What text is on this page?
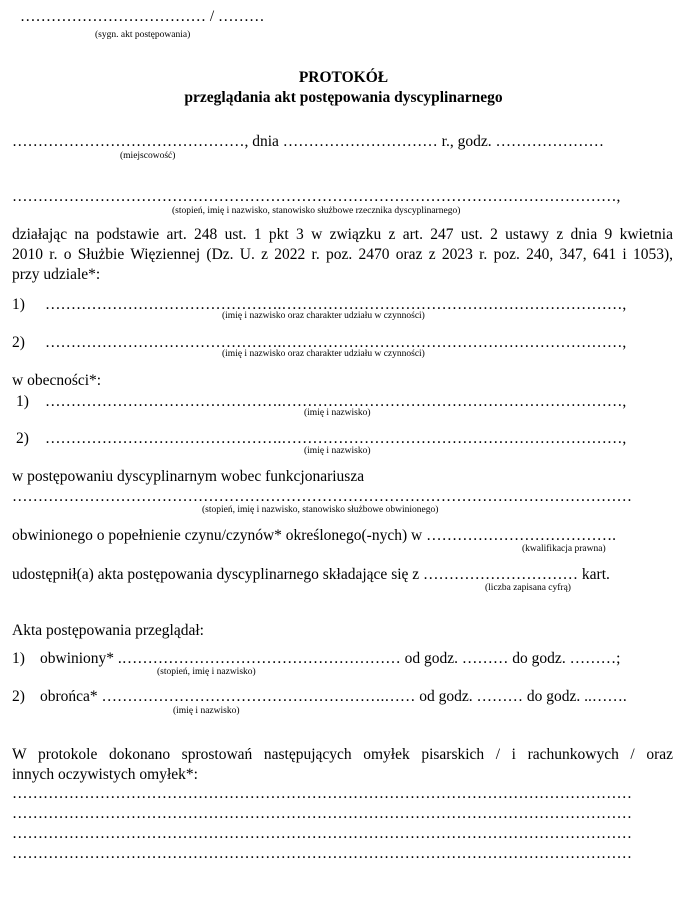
……………………………… / ………
(sygn. akt postępowania)
PROTOKÓŁ
przeglądania akt postępowania dyscyplinarnego
………………………………………, dnia ………………………… r., godz. …………………
(miejscowość)
………………………………………………………………………………………………………,
(stopień, imię i nazwisko, stanowisko służbowe rzecznika dyscyplinarnego)
działając na podstawie art. 248 ust. 1 pkt 3 w związku z art. 247 ust. 2 ustawy z dnia 9 kwietnia
2010 r. o Służbie Więziennej (Dz. U. z 2022 r. poz. 2470 oraz z 2023 r. poz. 240, 347, 641 i 1053),
przy udziale*:
1) ……………………………………….…………………………………………………………,
(imię i nazwisko oraz charakter udziału w czynności)
2) ……………………………………….…………………………………………………………,
(imię i nazwisko oraz charakter udziału w czynności)
w obecności*:
1) ……………………………………….…………………………………………………………,
(imię i nazwisko)
2) ……………………………………….…………………………………………………………,
(imię i nazwisko)
w postępowaniu dyscyplinarnym wobec funkcjonariusza
…………………………………………………………………………………………………………
(stopień, imię i nazwisko, stanowisko służbowe obwinionego)
obwinionego o popełnienie czynu/czynów* określonego(-nych) w ……………………………….
(kwalifikacja prawna)
udostępnił(a) akta postępowania dyscyplinarnego składające się z ………………………… kart.
(liczba zapisana cyfrą)
Akta postępowania przeglądał:
1) obwiniony* .……………………………………………… od godz. ……… do godz. ………;
(stopień, imię i nazwisko)
2) obrońca* ……………………………………………….…… od godz. ……… do godz. ..…….
(imię i nazwisko)
W protokole dokonano sprostowań następujących omyłek pisarskich / i rachunkowych / oraz
innych oczywistych omyłek*:
…………………………………………………………………………………………………………
…………………………………………………………………………………………………………
…………………………………………………………………………………………………………
…………………………………………………………………………………………………………
